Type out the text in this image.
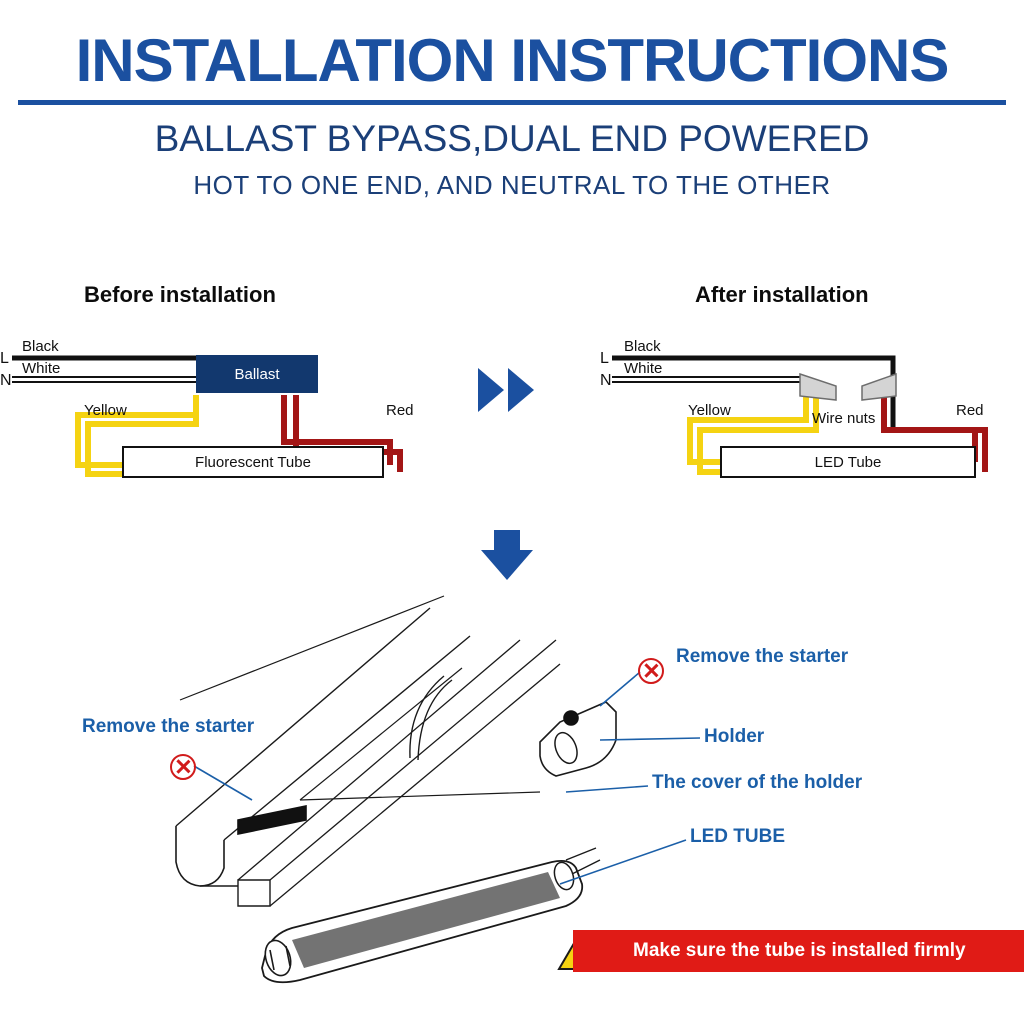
INSTALLATION INSTRUCTIONS
BALLAST BYPASS,DUAL END POWERED
HOT TO ONE END, AND NEUTRAL TO THE OTHER
Before installation	After installation
L
N
Black
White
Yellow	Red
Ballast
Fluorescent Tube
L
N
Black
White
Yellow	Red
Wire nuts
LED Tube
Remove the starter
Remove the starter	Holder
The cover of the holder
LED TUBE
Make sure the tube is installed firmly
